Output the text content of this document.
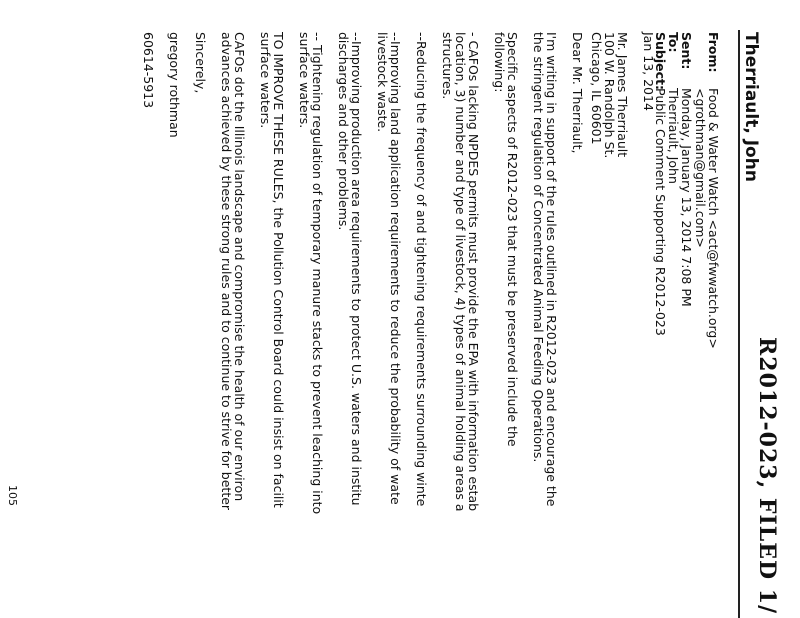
R2012-023, FILED 1/
Therriault, John
From:
Food & Water Watch <act@fwwatch.org>
<grothman@gmail.com>
Sent:
Monday, January 13, 2014 7:08 PM
To:
Therriault, John
Subject:
Public Comment Supporting R2012-023
Jan 13, 2014
Mr. James Therriault
100 W. Randolph St.
Chicago, IL 60601
Dear Mr. Therriault,
I'm writing in support of the rules outlined in R2012-023 and encourage the
the stringent regulation of Concentrated Animal Feeding Operations.
Specific aspects of R2012-023 that must be preserved include the
following:
- CAFOs lacking NPDES permits must provide the EPA with information estab
location, 3) number and type of livestock, 4) types of animal holding areas a
structures.
--Reducing the frequency of and tightening requirements surrounding winte
--Improving land application requirements to reduce the probability of wate
livestock waste.
--Improving production area requirements to protect U.S. waters and institu
discharges and other problems.
-- Tightening regulation of temporary manure stacks to prevent leaching into
surface waters.
TO IMPROVE THESE RULES, the Pollution Control Board could insist on facilit
surface waters.
CAFOs dot the Illinois landscape and compromise the health of our environ
advances achieved by these strong rules and to continue to strive for better
Sincerely,
gregory rothman
60614-5913
105
